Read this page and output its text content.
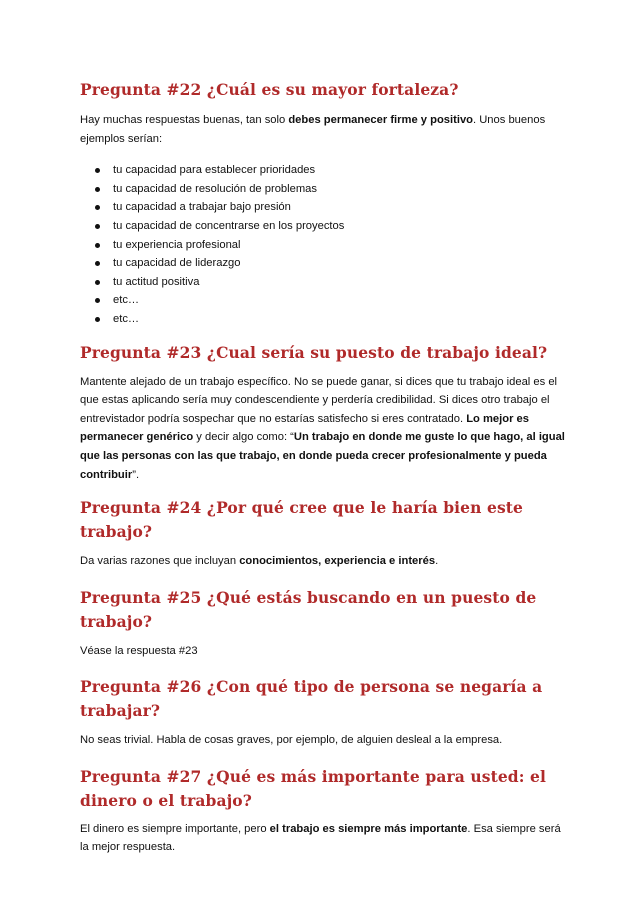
Pregunta #22 ¿Cuál es su mayor fortaleza?

Hay muchas respuestas buenas, tan solo debes permanecer firme y positivo. Unos buenos ejemplos serían:

tu capacidad para establecer prioridades
tu capacidad de resolución de problemas
tu capacidad a trabajar bajo presión
tu capacidad de concentrarse en los proyectos
tu experiencia profesional
tu capacidad de liderazgo
tu actitud positiva
etc…
etc…
Pregunta #23 ¿Cual sería su puesto de trabajo ideal?

Mantente alejado de un trabajo específico. No se puede ganar, si dices que tu trabajo ideal es el que estas aplicando sería muy condescendiente y perdería credibilidad. Si dices otro trabajo el entrevistador podría sospechar que no estarías satisfecho si eres contratado. Lo mejor es permanecer genérico y decir algo como: “Un trabajo en donde me guste lo que hago, al igual que las personas con las que trabajo, en donde pueda crecer profesionalmente y pueda contribuir”.

Pregunta #24 ¿Por qué cree que le haría bien este trabajo?

Da varias razones que incluyan conocimientos, experiencia e interés.

Pregunta #25 ¿Qué estás buscando en un puesto de trabajo?

Véase la respuesta #23

Pregunta #26 ¿Con qué tipo de persona se negaría a trabajar?

No seas trivial. Habla de cosas graves, por ejemplo, de alguien desleal a la empresa.

Pregunta #27 ¿Qué es más importante para usted: el dinero o el trabajo?

El dinero es siempre importante, pero el trabajo es siempre más importante. Esa siempre será la mejor respuesta.
